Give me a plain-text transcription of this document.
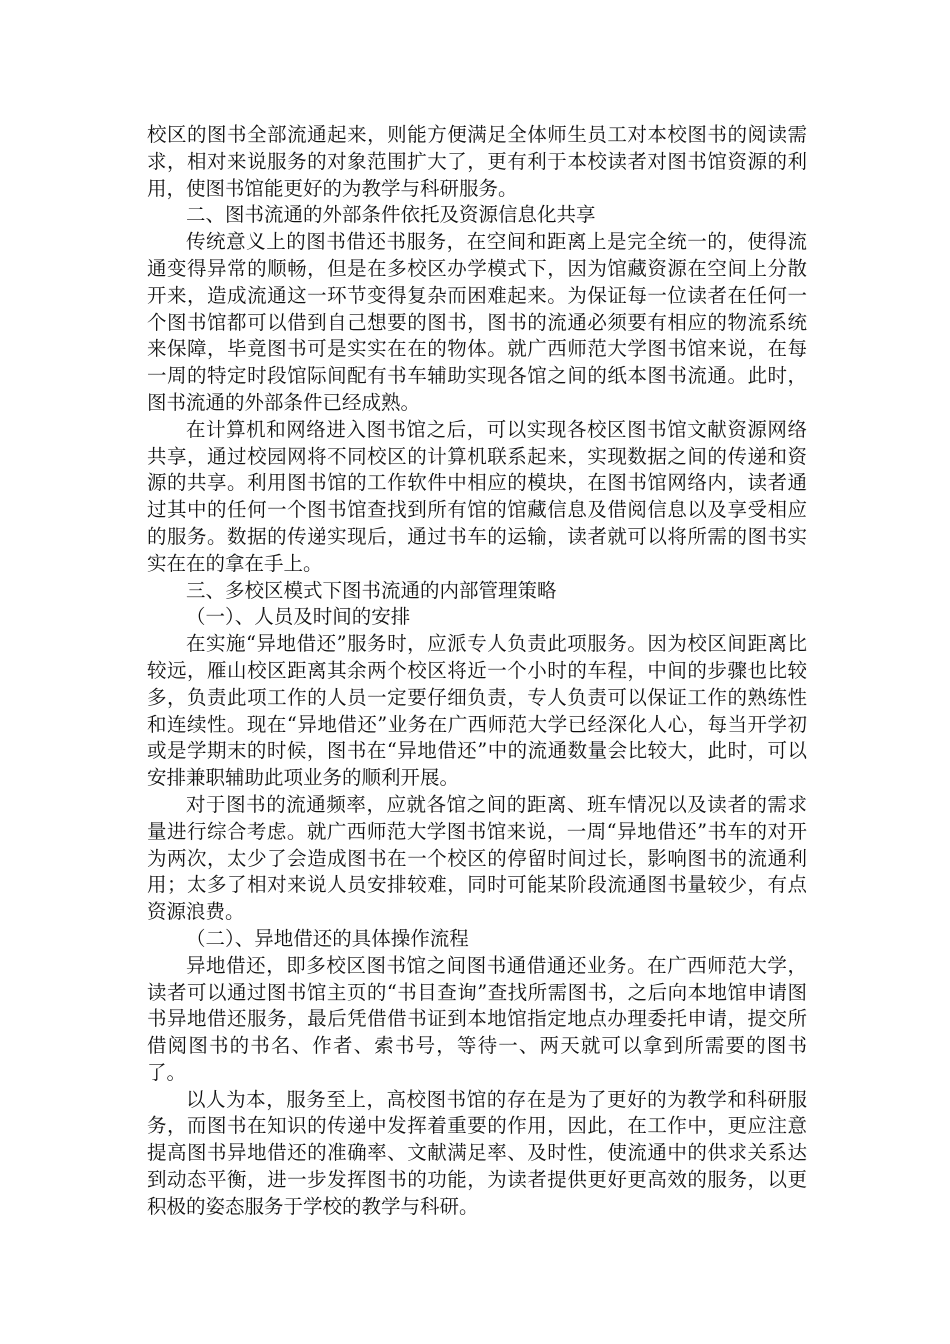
校区的图书全部流通起来，则能方便满足全体师生员工对本校图书的阅读需求，相对来说服务的对象范围扩大了，更有利于本校读者对图书馆资源的利用，使图书馆能更好的为教学与科研服务。

二、图书流通的外部条件依托及资源信息化共享

传统意义上的图书借还书服务，在空间和距离上是完全统一的，使得流通变得异常的顺畅，但是在多校区办学模式下，因为馆藏资源在空间上分散开来，造成流通这一环节变得复杂而困难起来。为保证每一位读者在任何一个图书馆都可以借到自己想要的图书，图书的流通必须要有相应的物流系统来保障，毕竟图书可是实实在在的物体。就广西师范大学图书馆来说，在每一周的特定时段馆际间配有书车辅助实现各馆之间的纸本图书流通。此时，图书流通的外部条件已经成熟。

在计算机和网络进入图书馆之后，可以实现各校区图书馆文献资源网络共享，通过校园网将不同校区的计算机联系起来，实现数据之间的传递和资源的共享。利用图书馆的工作软件中相应的模块，在图书馆网络内，读者通过其中的任何一个图书馆查找到所有馆的馆藏信息及借阅信息以及享受相应的服务。数据的传递实现后，通过书车的运输，读者就可以将所需的图书实实在在的拿在手上。

三、多校区模式下图书流通的内部管理策略

（一）、人员及时间的安排

在实施“异地借还”服务时，应派专人负责此项服务。因为校区间距离比较远，雁山校区距离其余两个校区将近一个小时的车程，中间的步骤也比较多，负责此项工作的人员一定要仔细负责，专人负责可以保证工作的熟练性和连续性。现在“异地借还”业务在广西师范大学已经深化人心，每当开学初或是学期末的时候，图书在“异地借还”中的流通数量会比较大，此时，可以安排兼职辅助此项业务的顺利开展。

对于图书的流通频率，应就各馆之间的距离、班车情况以及读者的需求量进行综合考虑。就广西师范大学图书馆来说，一周“异地借还”书车的对开为两次，太少了会造成图书在一个校区的停留时间过长，影响图书的流通利用；太多了相对来说人员安排较难，同时可能某阶段流通图书量较少，有点资源浪费。

（二）、异地借还的具体操作流程

异地借还，即多校区图书馆之间图书通借通还业务。在广西师范大学，读者可以通过图书馆主页的“书目查询”查找所需图书，之后向本地馆申请图书异地借还服务，最后凭借借书证到本地馆指定地点办理委托申请，提交所借阅图书的书名、作者、索书号，等待一、两天就可以拿到所需要的图书了。

以人为本，服务至上，高校图书馆的存在是为了更好的为教学和科研服务，而图书在知识的传递中发挥着重要的作用，因此，在工作中，更应注意提高图书异地借还的准确率、文献满足率、及时性，使流通中的供求关系达到动态平衡，进一步发挥图书的功能，为读者提供更好更高效的服务，以更积极的姿态服务于学校的教学与科研。
